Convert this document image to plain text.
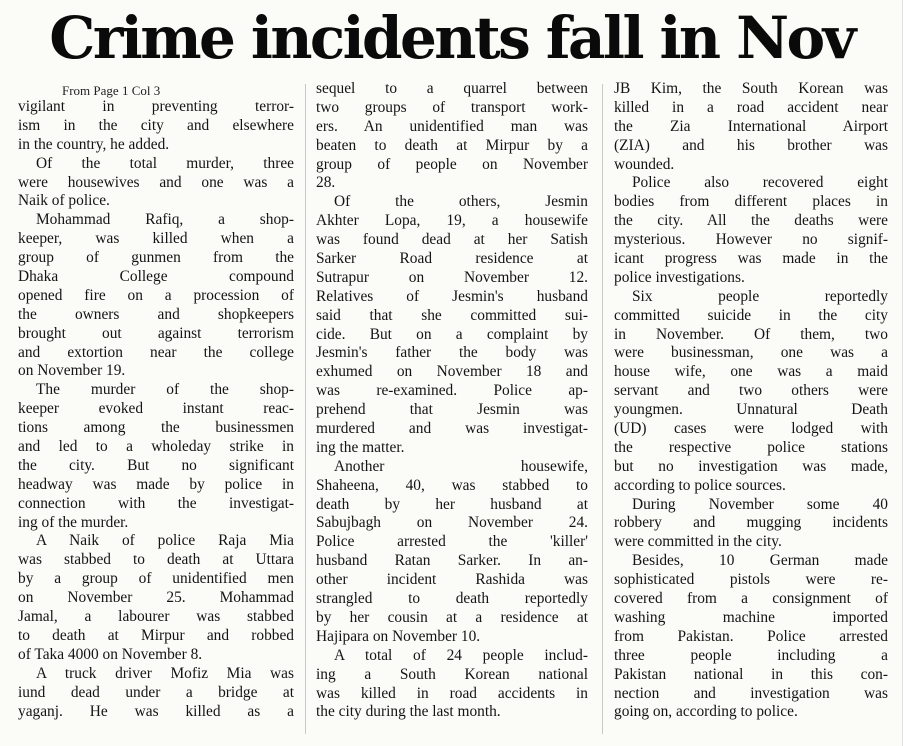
Crime incidents fall in Nov
From Page 1 Col 3
vigilant in preventing terror-
ism in the city and elsewhere
in the country, he added.
Of the total murder, three
were housewives and one was a
Naik of police.
Mohammad Rafiq, a shop-
keeper, was killed when a
group of gunmen from the
Dhaka College compound
opened fire on a procession of
the owners and shopkeepers
brought out against terrorism
and extortion near the college
on November 19.
The murder of the shop-
keeper evoked instant reac-
tions among the businessmen
and led to a wholeday strike in
the city. But no significant
headway was made by police in
connection with the investigat-
ing of the murder.
A Naik of police Raja Mia
was stabbed to death at Uttara
by a group of unidentified men
on November 25. Mohammad
Jamal, a labourer was stabbed
to death at Mirpur and robbed
of Taka 4000 on November 8.
A truck driver Mofiz Mia was
iund dead under a bridge at
yaganj. He was killed as a
sequel to a quarrel between
two groups of transport work-
ers. An unidentified man was
beaten to death at Mirpur by a
group of people on November
28.
Of the others, Jesmin
Akhter Lopa, 19, a housewife
was found dead at her Satish
Sarker Road residence at
Sutrapur on November 12.
Relatives of Jesmin's husband
said that she committed sui-
cide. But on a complaint by
Jesmin's father the body was
exhumed on November 18 and
was re-examined. Police ap-
prehend that Jesmin was
murdered and was investigat-
ing the matter.
Another housewife,
Shaheena, 40, was stabbed to
death by her husband at
Sabujbagh on November 24.
Police arrested the 'killer'
husband Ratan Sarker. In an-
other incident Rashida was
strangled to death reportedly
by her cousin at a residence at
Hajipara on November 10.
A total of 24 people includ-
ing a South Korean national
was killed in road accidents in
the city during the last month.
JB Kim, the South Korean was
killed in a road accident near
the Zia International Airport
(ZIA) and his brother was
wounded.
Police also recovered eight
bodies from different places in
the city. All the deaths were
mysterious. However no signif-
icant progress was made in the
police investigations.
Six people reportedly
committed suicide in the city
in November. Of them, two
were businessman, one was a
house wife, one was a maid
servant and two others were
youngmen. Unnatural Death
(UD) cases were lodged with
the respective police stations
but no investigation was made,
according to police sources.
During November some 40
robbery and mugging incidents
were committed in the city.
Besides, 10 German made
sophisticated pistols were re-
covered from a consignment of
washing machine imported
from Pakistan. Police arrested
three people including a
Pakistan national in this con-
nection and investigation was
going on, according to police.
